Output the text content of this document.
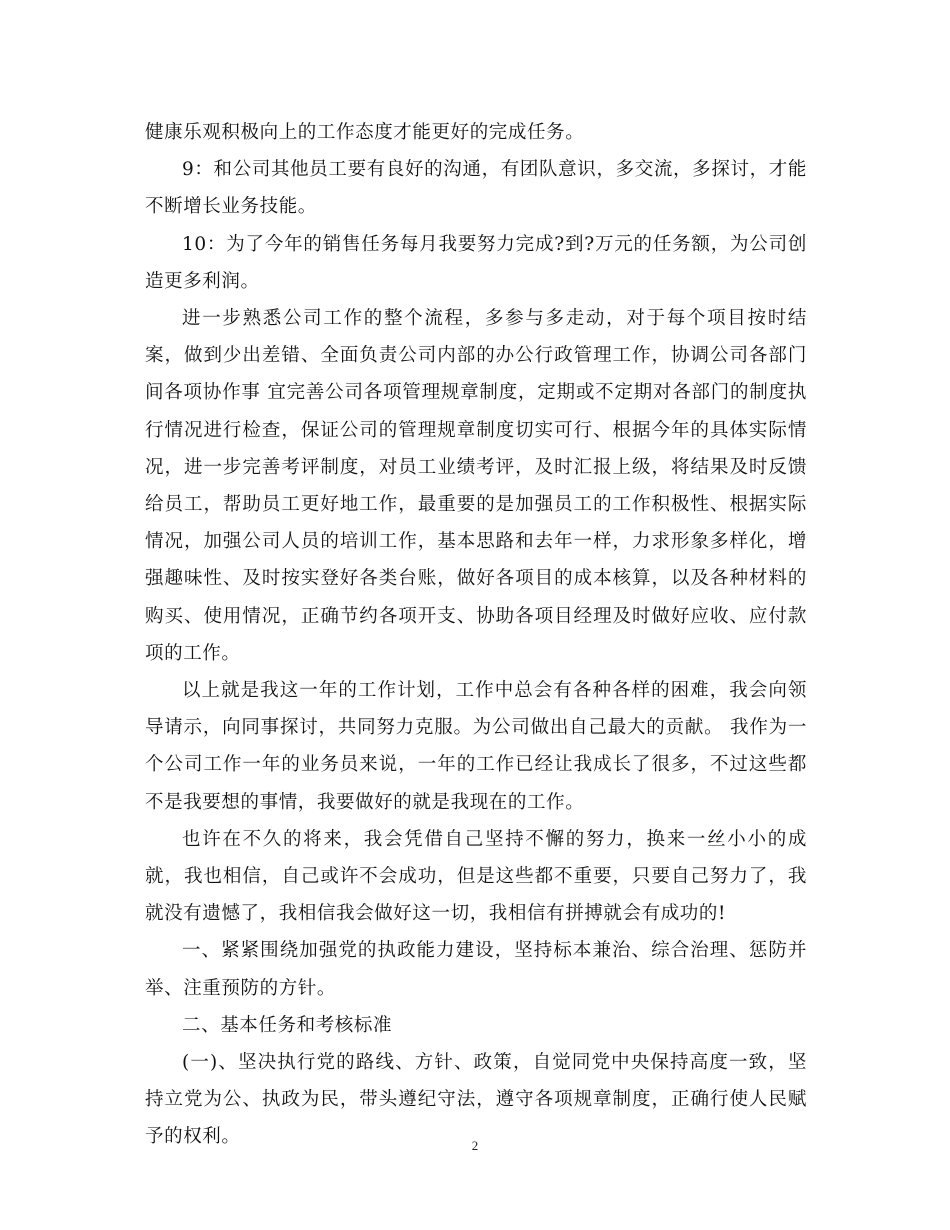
健康乐观积极向上的工作态度才能更好的完成任务。

9：和公司其他员工要有良好的沟通，有团队意识，多交流，多探讨，才能不断增长业务技能。

10：为了今年的销售任务每月我要努力完成?到?万元的任务额，为公司创造更多利润。

进一步熟悉公司工作的整个流程，多参与多走动，对于每个项目按时结案，做到少出差错、全面负责公司内部的办公行政管理工作，协调公司各部门间各项协作事 宜完善公司各项管理规章制度，定期或不定期对各部门的制度执行情况进行检查，保证公司的管理规章制度切实可行、根据今年的具体实际情况，进一步完善考评制度，对员工业绩考评，及时汇报上级，将结果及时反馈给员工，帮助员工更好地工作，最重要的是加强员工的工作积极性、根据实际情况，加强公司人员的培训工作，基本思路和去年一样，力求形象多样化，增强趣味性、及时按实登好各类台账，做好各项目的成本核算，以及各种材料的购买、使用情况，正确节约各项开支、协助各项目经理及时做好应收、应付款项的工作。

以上就是我这一年的工作计划，工作中总会有各种各样的困难，我会向领导请示，向同事探讨，共同努力克服。为公司做出自己最大的贡献。 我作为一个公司工作一年的业务员来说，一年的工作已经让我成长了很多，不过这些都不是我要想的事情，我要做好的就是我现在的工作。

也许在不久的将来，我会凭借自己坚持不懈的努力，换来一丝小小的成就，我也相信，自己或许不会成功，但是这些都不重要，只要自己努力了，我就没有遗憾了，我相信我会做好这一切，我相信有拼搏就会有成功的!

一、紧紧围绕加强党的执政能力建设，坚持标本兼治、综合治理、惩防并举、注重预防的方针。

二、基本任务和考核标准

(一)、坚决执行党的路线、方针、政策，自觉同党中央保持高度一致，坚持立党为公、执政为民，带头遵纪守法，遵守各项规章制度，正确行使人民赋予的权利。	2
